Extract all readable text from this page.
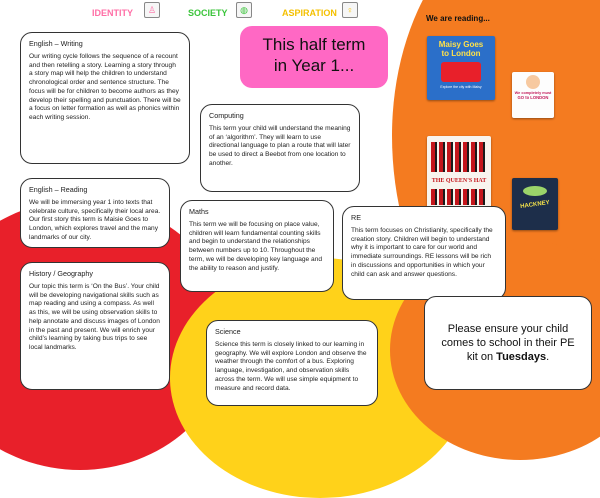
IDENTITY	♙	SOCIETY	◍	ASPIRATION	♀
This half term
in Year 1...
We are reading...
Maisy Goes
to London
Explore the city with Maisy
We completely must
GO to LONDON
THE QUEEN'S HAT
HACKNEY
English – Writing

Our writing cycle follows the sequence of a recount and then retelling a story. Learning a story through a story map will help the children to understand chronological order and sentence structure. The focus will be for children to become authors as they develop their spelling and punctuation. There will be a focus on letter formation as well as phonics within each writing session.	Computing

This term your child will understand the meaning of an ‘algorithm’. They will learn to use directional language to plan a route that will later be used to direct a Beebot from one location to another.

English – Reading

We will be immersing year 1 into texts that celebrate culture, specifically their local area. Our first story this term is Maisie Goes to London, which explores travel and the many landmarks of our city.

Maths

This term we will be focusing on place value, children will learn fundamental counting skills and begin to understand the relationships between numbers up to 10. Throughout the term, we will be developing key language and the ability to reason and justify.

RE

This term focuses on Christianity, specifically the creation story. Children will begin to understand why it is important to care for our world and immediate surroundings. RE lessons will be rich in discussions and opportunities in which your child can ask and answer questions.

History / Geography

Our topic this term is ‘On the Bus’. Your child will be developing navigational skills such as map reading and using a compass. As well as this, we will be using observation skills to help annotate and discuss images of London in the past and present. We will enrich your child’s learning by taking bus trips to see local landmarks.

Science

Science this term is closely linked to our learning in geography. We will explore London and observe the weather through the comfort of a bus. Exploring language, investigation, and observation skills across the term. We will use simple equipment to measure and record data.

Please ensure your child comes to school in their PE kit on Tuesdays.
